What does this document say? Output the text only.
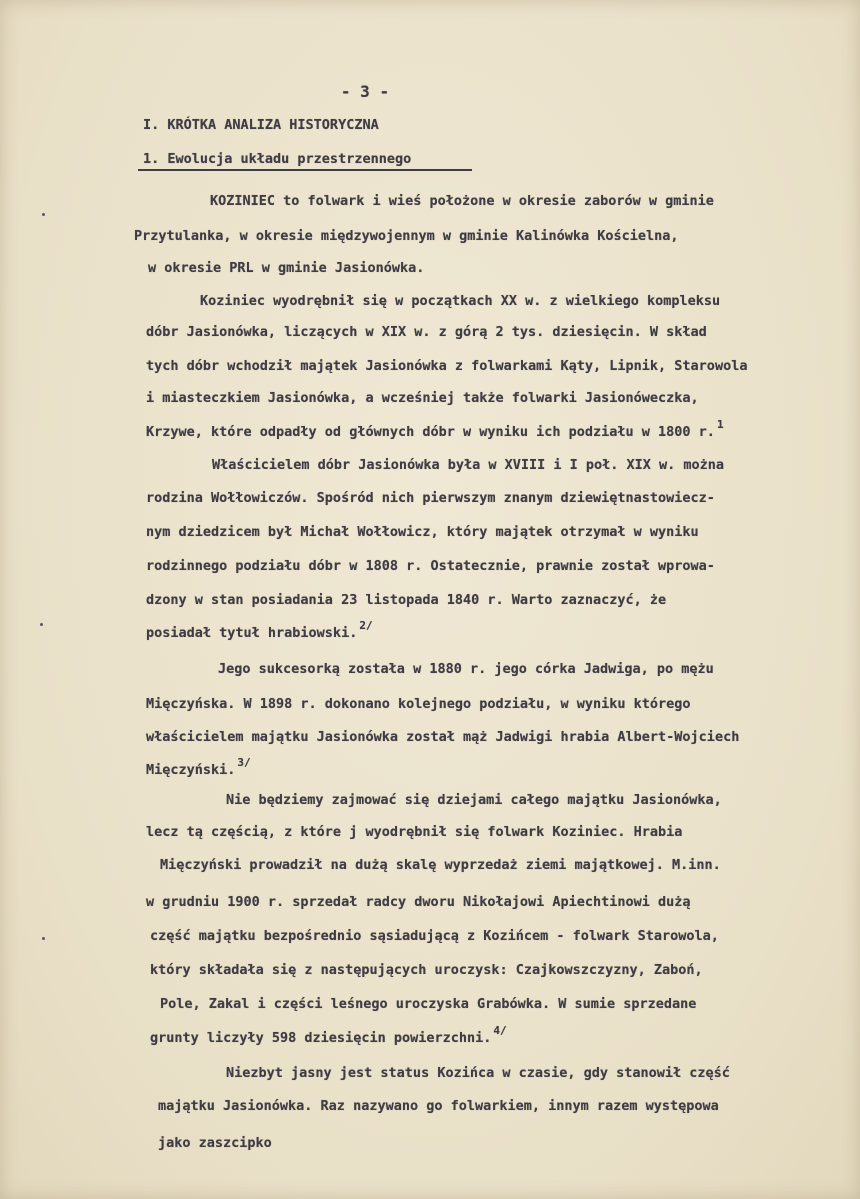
- 3 -
I. KRÓTKA ANALIZA HISTORYCZNA
1. Ewolucja układu przestrzennego
KOZINIEC to folwark i wieś położone w okresie zaborów w gminie
Przytulanka, w okresie międzywojennym w gminie Kalinówka Kościelna,
w okresie PRL w gminie Jasionówka.
Koziniec wyodrębnił się w początkach XX w. z wielkiego kompleksu
dóbr Jasionówka, liczących w XIX w. z górą 2 tys. dziesięcin. W skład
tych dóbr wchodził majątek Jasionówka z folwarkami Kąty, Lipnik, Starowola
i miasteczkiem Jasionówka, a wcześniej także folwarki Jasionóweczka,
Krzywe, które odpadły od głównych dóbr w wyniku ich podziału w 1800 r. $^1$
Właścicielem dóbr Jasionówka była w XVIII i I poł. XIX w. można
rodzina Wołłowiczów. Spośród nich pierwszym znanym dziewiętnastowiecz-
nym dziedzicem był Michał Wołłowicz, który majątek otrzymał w wyniku
rodzinnego podziału dóbr w 1808 r. Ostatecznie, prawnie został wprowa-
dzony w stan posiadania 23 listopada 1840 r. Warto zaznaczyć, że
posiadał tytuł hrabiowski. $^{2/}$
Jego sukcesorką została w 1880 r. jego córka Jadwiga, po mężu
Mięczyńska. W 1898 r. dokonano kolejnego podziału, w wyniku którego
właścicielem majątku Jasionówka został mąż Jadwigi hrabia Albert-Wojciech
Mięczyński. $^{3/}$
Nie będziemy zajmować się dziejami całego majątku Jasionówka,
lecz tą częścią, z które j wyodrębnił się folwark Koziniec. Hrabia
Mięczyński prowadził na dużą skalę wyprzedaż ziemi majątkowej. M.inn.
w grudniu 1900 r. sprzedał radcy dworu Nikołajowi Apiechtinowi dużą
część majątku bezpośrednio sąsiadującą z Kozińcem - folwark Starowola,
który składała się z następujących uroczysk: Czajkowszczyzny, Zaboń,
Pole, Zakal i części leśnego uroczyska Grabówka. W sumie sprzedane
grunty liczyły 598 dziesięcin powierzchni. $^{4/}$
Niezbyt jasny jest status Kozińca w czasie, gdy stanowił część
majątku Jasionówka. Raz nazywano go folwarkiem, innym razem występowa
jako zaszcipko
